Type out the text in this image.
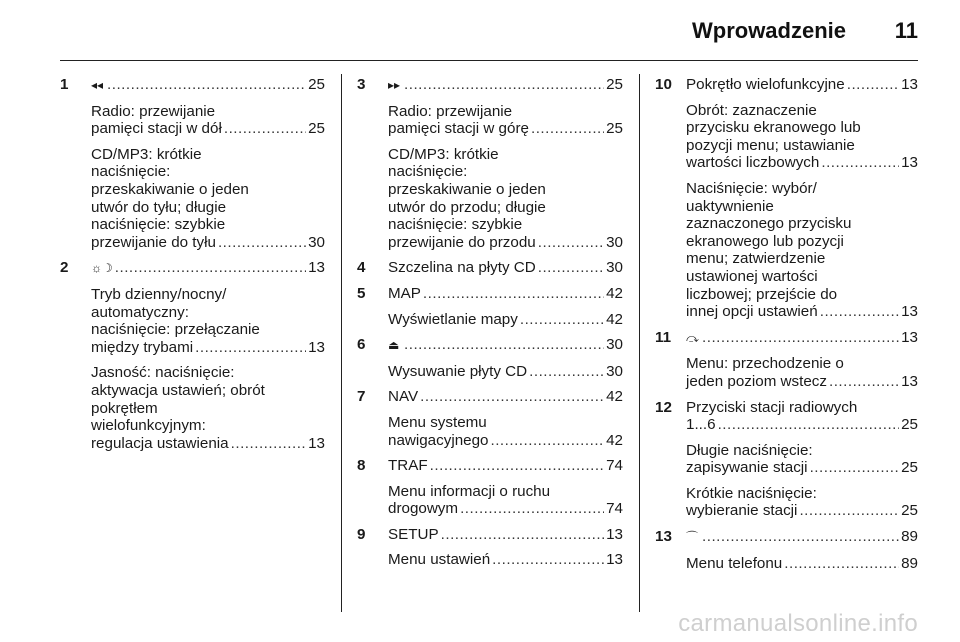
Wprowadzenie 11
1	◂◂ .....	25
Radio: przewijanie
pamięci stacji w dół .....	25
CD/MP3: krótkie
naciśnięcie:
przeskakiwanie o jeden
utwór do tyłu; długie
naciśnięcie: szybkie
przewijanie do tyłu .....	30
2	☼☽ .....	13
Tryb dzienny/nocny/
automatyczny:
naciśnięcie: przełączanie
między trybami .....	13
Jasność: naciśnięcie:
aktywacja ustawień; obrót
pokrętłem
wielofunkcyjnym:
regulacja ustawienia .....	13
3	▸▸ .....	25
Radio: przewijanie
pamięci stacji w górę .....	25
CD/MP3: krótkie
naciśnięcie:
przeskakiwanie o jeden
utwór do przodu; długie
naciśnięcie: szybkie
przewijanie do przodu .....	30
4	Szczelina na płyty CD .....	30
5	MAP .....	42
Wyświetlanie mapy .....	42
6	⏏ .....	30
Wysuwanie płyty CD .....	30
7	NAV .....	42
Menu systemu
nawigacyjnego .....	42
8	TRAF .....	74
Menu informacji o ruchu
drogowym .....	74
9	SETUP .....	13
Menu ustawień .....	13
10 Pokrętło wielofunkcyjne .....	13
Obrót: zaznaczenie
przycisku ekranowego lub
pozycji menu; ustawianie
wartości liczbowych .....	13
Naciśnięcie: wybór/
uaktywnienie
zaznaczonego przycisku
ekranowego lub pozycji
menu; zatwierdzenie
ustawionej wartości
liczbowej; przejście do
innej opcji ustawień .....	13
11	⤼ .....	13
Menu: przechodzenie o
jeden poziom wstecz .....	13
12 Przyciski stacji radiowych
1...6 .....	25
Długie naciśnięcie:
zapisywanie stacji .....	25
Krótkie naciśnięcie:
wybieranie stacji .....	25
13	⌒ .....	89
Menu telefonu .....	89
carmanualsonline.info
